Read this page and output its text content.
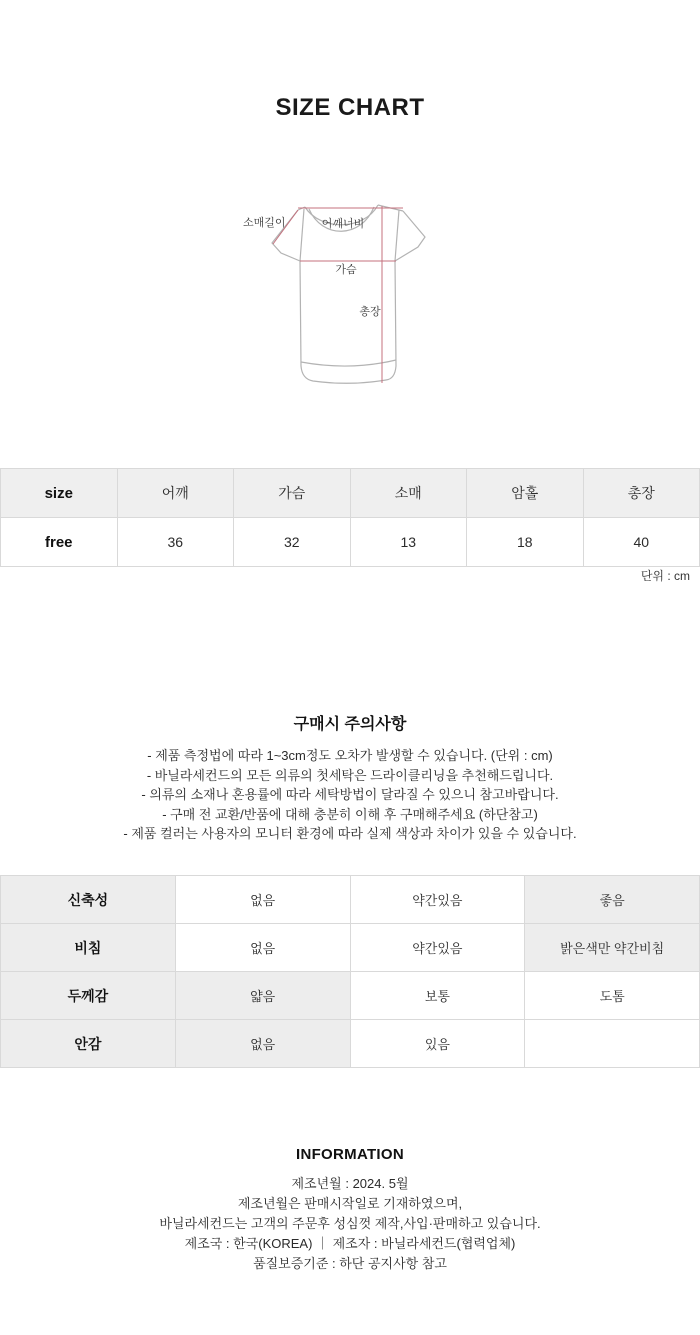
SIZE CHART
소매길이	어깨너비
가슴
총장
size	어깨	가슴	소매	암홀	총장
free	36	32	13	18	40
단위 : cm
구매시 주의사항

- 제품 측정법에 따라 1~3cm정도 오차가 발생할 수 있습니다. (단위 : cm)

- 바닐라세컨드의 모든 의류의 첫세탁은 드라이클리닝을 추천해드립니다.

- 의류의 소재나 혼용률에 따라 세탁방법이 달라질 수 있으니 참고바랍니다.

- 구매 전 교환/반품에 대해 충분히 이해 후 구매해주세요 (하단참고)

- 제품 컬러는 사용자의 모니터 환경에 따라 실제 색상과 차이가 있을 수 있습니다.

신축성	없음	약간있음	좋음
비침	없음	약간있음	밝은색만 약간비침
두께감	얇음	보통	도톰
안감	없음	있음	
INFORMATION

제조년월 : 2024. 5월

제조년월은 판매시작일로 기재하였으며,

바닐라세컨드는 고객의 주문후 성심껏 제작,사입·판매하고 있습니다.

제조국 : 한국(KOREA) ｜ 제조자 : 바닐라세컨드(협력업체)

품질보증기준 : 하단 공지사항 참고
